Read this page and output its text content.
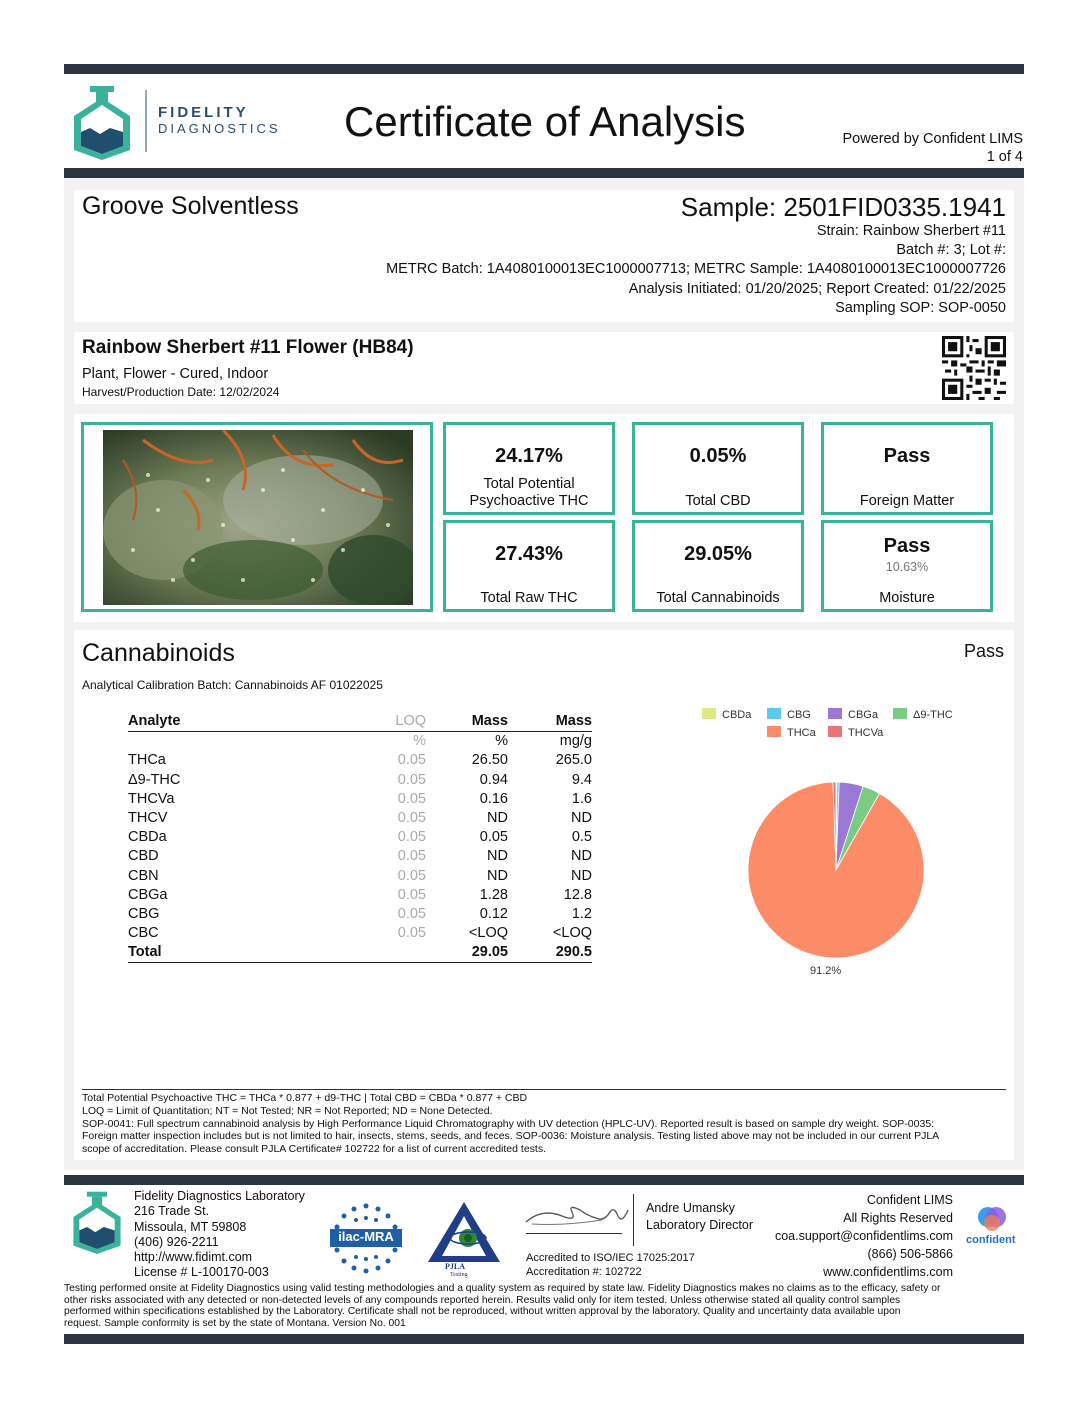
FIDELITY
DIAGNOSTICS Certificate of Analysis	Powered by Confident LIMS
1 of 4
Groove Solventless	Sample: 2501FID0335.1941
Strain: Rainbow Sherbert #11
Batch #: 3; Lot #:
METRC Batch: 1A4080100013EC1000007713; METRC Sample: 1A4080100013EC1000007726
Analysis Initiated: 01/20/2025; Report Created: 01/22/2025
Sampling SOP: SOP-0050
Rainbow Sherbert #11 Flower (HB84)
Plant, Flower - Cured, Indoor
Harvest/Production Date: 12/02/2024
24.17%
Total Potential
Psychoactive THC
0.05%
Total CBD
Pass
Foreign Matter
27.43%
Total Raw THC
29.05%
Total Cannabinoids
Pass
10.63%
Moisture
Cannabinoids	Pass
Analytical Calibration Batch: Cannabinoids AF 01022025
Analyte	LOQ	Mass	Mass
	%	%	mg/g
THCa	0.05	26.50	265.0
Δ9-THC	0.05	0.94	9.4
THCVa	0.05	0.16	1.6
THCV	0.05	ND	ND
CBDa	0.05	0.05	0.5
CBD	0.05	ND	ND
CBN	0.05	ND	ND
CBGa	0.05	1.28	12.8
CBG	0.05	0.12	1.2
CBC	0.05	<LOQ	<LOQ
Total		29.05	290.5
CBDa	CBG	CBGa	Δ9-THC
THCa	THCVa
91.2%
Total Potential Psychoactive THC = THCa * 0.877 + d9-THC | Total CBD = CBDa * 0.877 + CBD
LOQ = Limit of Quantitation; NT = Not Tested; NR = Not Reported; ND = None Detected.
SOP-0041: Full spectrum cannabinoid analysis by High Performance Liquid Chromatography with UV detection (HPLC-UV). Reported result is based on sample dry weight. SOP-0035:
Foreign matter inspection includes but is not limited to hair, insects, stems, seeds, and feces. SOP-0036: Moisture analysis. Testing listed above may not be included in our current PJLA
scope of accreditation. Please consult PJLA Certificate# 102722 for a list of current accredited tests.
Fidelity Diagnostics Laboratory
216 Trade St.
Missoula, MT 59808
(406) 926-2211
http://www.fidimt.com
License # L-100170-003
ilac-MRA
PJLA
Testing
Andre Umansky
Laboratory Director
Accredited to ISO/IEC 17025:2017
Accreditation #: 102722
Confident LIMS
All Rights Reserved
coa.support@confidentlims.com
(866) 506-5866
www.confidentlims.com
confident
Testing performed onsite at Fidelity Diagnostics using valid testing methodologies and a quality system as required by state law. Fidelity Diagnostics makes no claims as to the efficacy, safety or
other risks associated with any detected or non-detected levels of any compounds reported herein. Results valid only for item tested. Unless otherwise stated all quality control samples
performed within specifications established by the Laboratory. Certificate shall not be reproduced, without written approval by the laboratory. Quality and uncertainty data available upon
request. Sample conformity is set by the state of Montana. Version No. 001
